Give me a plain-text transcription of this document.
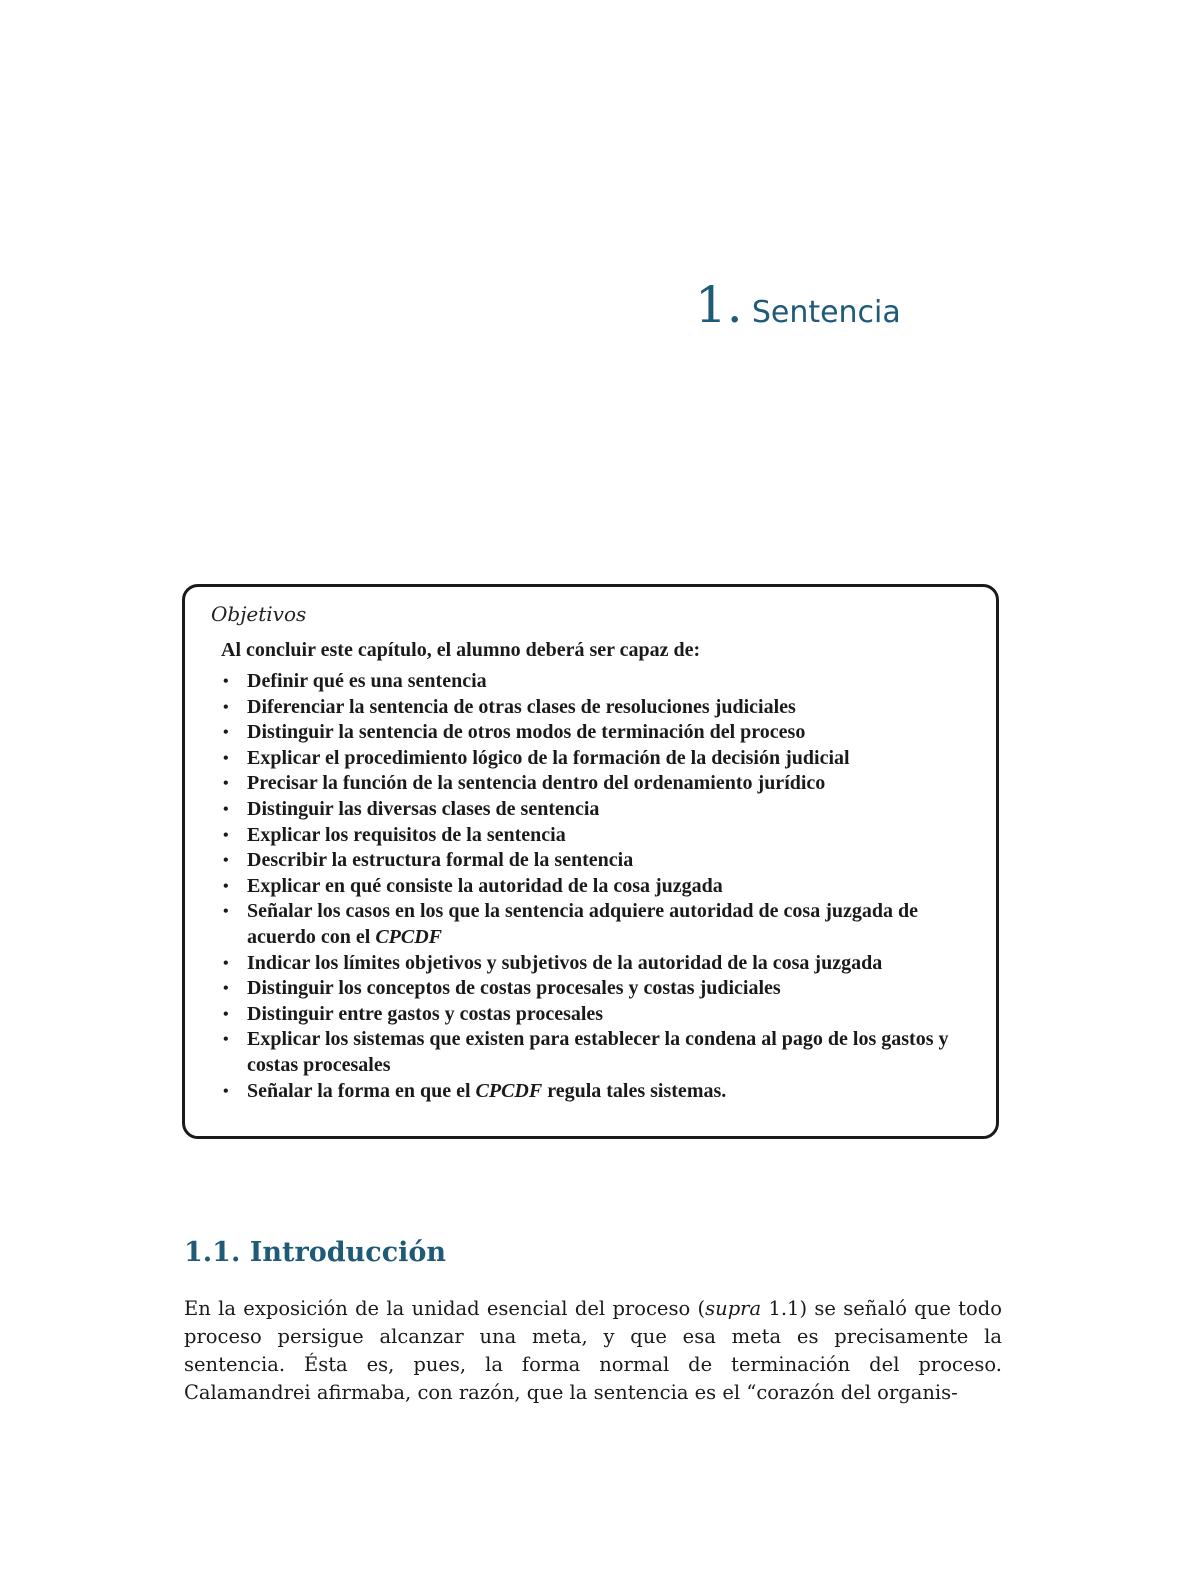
1. Sentencia
Objetivos
Al concluir este capítulo, el alumno deberá ser capaz de:
• Definir qué es una sentencia
• Diferenciar la sentencia de otras clases de resoluciones judiciales
• Distinguir la sentencia de otros modos de terminación del proceso
• Explicar el procedimiento lógico de la formación de la decisión judicial
• Precisar la función de la sentencia dentro del ordenamiento jurídico
• Distinguir las diversas clases de sentencia
• Explicar los requisitos de la sentencia
• Describir la estructura formal de la sentencia
• Explicar en qué consiste la autoridad de la cosa juzgada
• Señalar los casos en los que la sentencia adquiere autoridad de cosa juzgada de acuerdo con el CPCDF
• Indicar los límites objetivos y subjetivos de la autoridad de la cosa juzgada
• Distinguir los conceptos de costas procesales y costas judiciales
• Distinguir entre gastos y costas procesales
• Explicar los sistemas que existen para establecer la condena al pago de los gastos y costas procesales
• Señalar la forma en que el CPCDF regula tales sistemas.
1.1. Introducción

En la exposición de la unidad esencial del proceso (supra 1.1) se señaló que todo proceso persigue alcanzar una meta, y que esa meta es precisamente la sentencia. Ésta es, pues, la forma normal de terminación del proceso. Calamandrei afirmaba, con razón, que la sentencia es el “corazón del organis-
